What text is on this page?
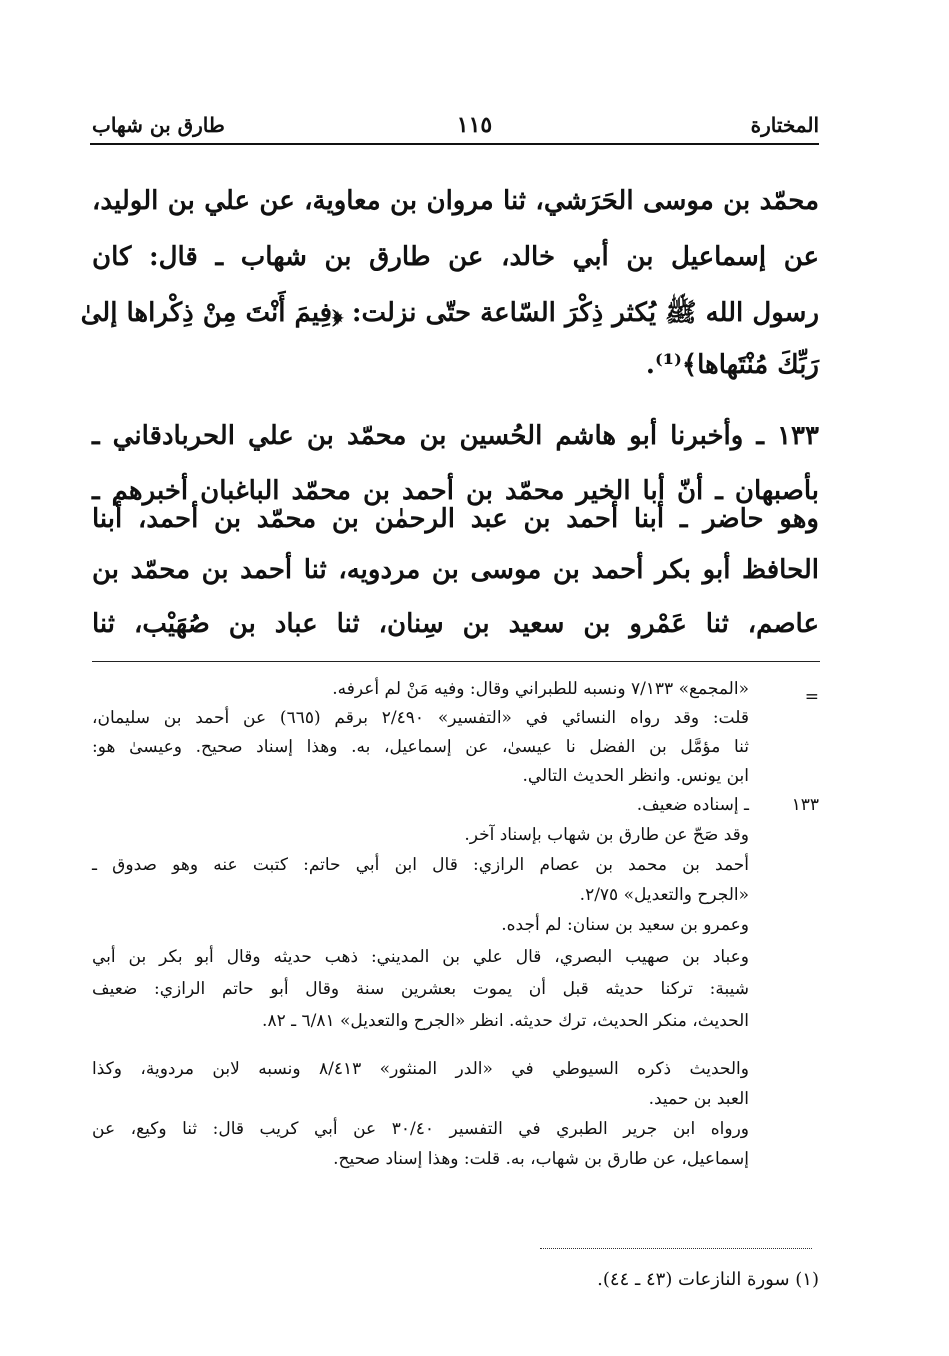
المختارة
١١٥
طارق بن شهاب
محمّد بن موسى الحَرَشي، ثنا مروان بن معاوية، عن علي بن الوليد،
عن إسماعيل بن أبي خالد، عن طارق بن شهاب ـ قال: كان
رسول الله ﷺ يُكثر ذِكْرَ السّاعة حتّى نزلت: ﴿فِيمَ أَنْتَ مِنْ ذِكْراها إلىٰ
رَبِّكَ مُنْتَهاها﴾⁽¹⁾.
١٣٣ ـ وأخبرنا أبو هاشم الحُسين بن محمّد بن علي الحربادقاني ـ
بأصبهان ـ أنّ أبا الخير محمّد بن أحمد بن محمّد الباغبان أخبرهم ـ
وهو حاضر ـ أبنا أحمد بن عبد الرحمٰن بن محمّد بن أحمد، أبنا
الحافظ أبو بكر أحمد بن موسى بن مردويه، ثنا أحمد بن محمّد بن
عاصم، ثنا عَمْرو بن سعيد بن سِنان، ثنا عباد بن صُهَيْب، ثنا
=
«المجمع» ٧/١٣٣ ونسبه للطبراني وقال: وفيه مَنْ لم أعرفه.
قلت: وقد رواه النسائي في «التفسير» ٢/٤٩٠ برقم (٦٦٥) عن أحمد بن سليمان،
ثنا مؤمَّل بن الفضل نا عيسىٰ، عن إسماعيل، به. وهذا إسناد صحيح. وعيسىٰ هو:
ابن يونس. وانظر الحديث التالي.
١٣٣
ـ إسناده ضعيف.
وقد صَحّ عن طارق بن شهاب بإسناد آخر.
أحمد بن محمد بن عصام الرازي: قال ابن أبي حاتم: كتبت عنه وهو صدوق ـ
«الجرح والتعديل» ٢/٧٥.
وعمرو بن سعيد بن سنان: لم أجده.
وعباد بن صهيب البصري، قال علي بن المديني: ذهب حديثه وقال أبو بكر بن أبي
شيبة: تركنا حديثه قبل أن يموت بعشرين سنة وقال أبو حاتم الرازي: ضعيف
الحديث، منكر الحديث، ترك حديثه. انظر «الجرح والتعديل» ٦/٨١ ـ ٨٢.
والحديث ذكره السيوطي في «الدر المنثور» ٨/٤١٣ ونسبه لابن مردوية، وكذا
العبد بن حميد.
ورواه ابن جرير الطبري في التفسير ٣٠/٤٠ عن أبي كريب قال: ثنا وكيع، عن
إسماعيل، عن طارق بن شهاب، به. قلت: وهذا إسناد صحيح.
(١) سورة النازعات (٤٣ ـ ٤٤).
